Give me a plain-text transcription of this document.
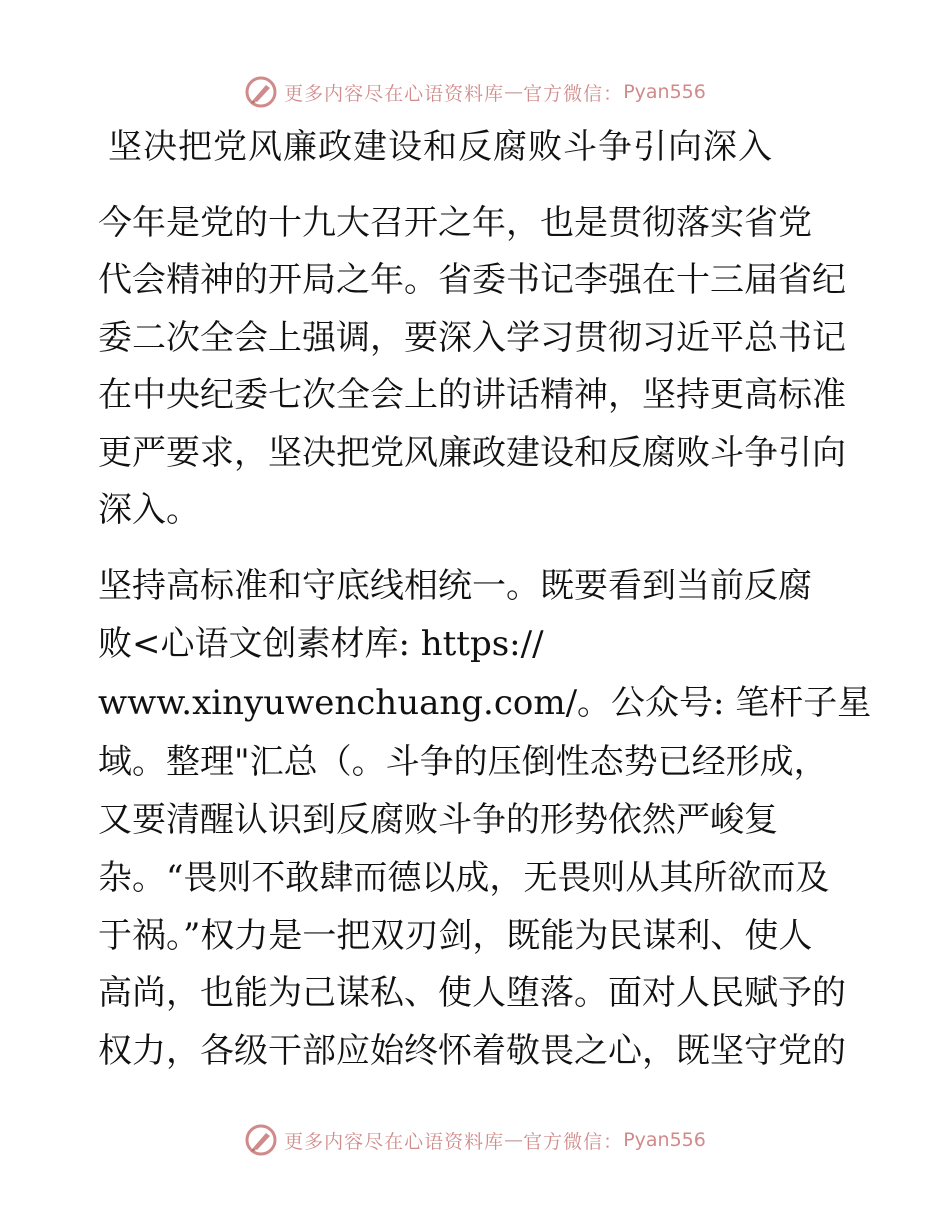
更多内容尽在心语资料库 — 官方微信： Pyan556
坚决把党风廉政建设和反腐败斗争引向深入
今年是党的十九大召开之年，也是贯彻落实省党
代会精神的开局之年。省委书记李强在十三届省纪
委二次全会上强调，要深入学习贯彻习近平总书记
在中央纪委七次全会上的讲话精神，坚持更高标准
更严要求，坚决把党风廉政建设和反腐败斗争引向
深入。
坚持高标准和守底线相统一。既要看到当前反腐
败<心语文创素材库: https://
www.xinyuwenchuang.com/。公众号: 笔杆子星
域。整理"汇总（。斗争的压倒性态势已经形成，
又要清醒认识到反腐败斗争的形势依然严峻复
杂。“畏则不敢肆而德以成，无畏则从其所欲而及
于祸。”权力是一把双刃剑，既能为民谋利、使人
高尚，也能为己谋私、使人堕落。面对人民赋予的
权力，各级干部应始终怀着敬畏之心，既坚守党的
更多内容尽在心语资料库 — 官方微信： Pyan556
